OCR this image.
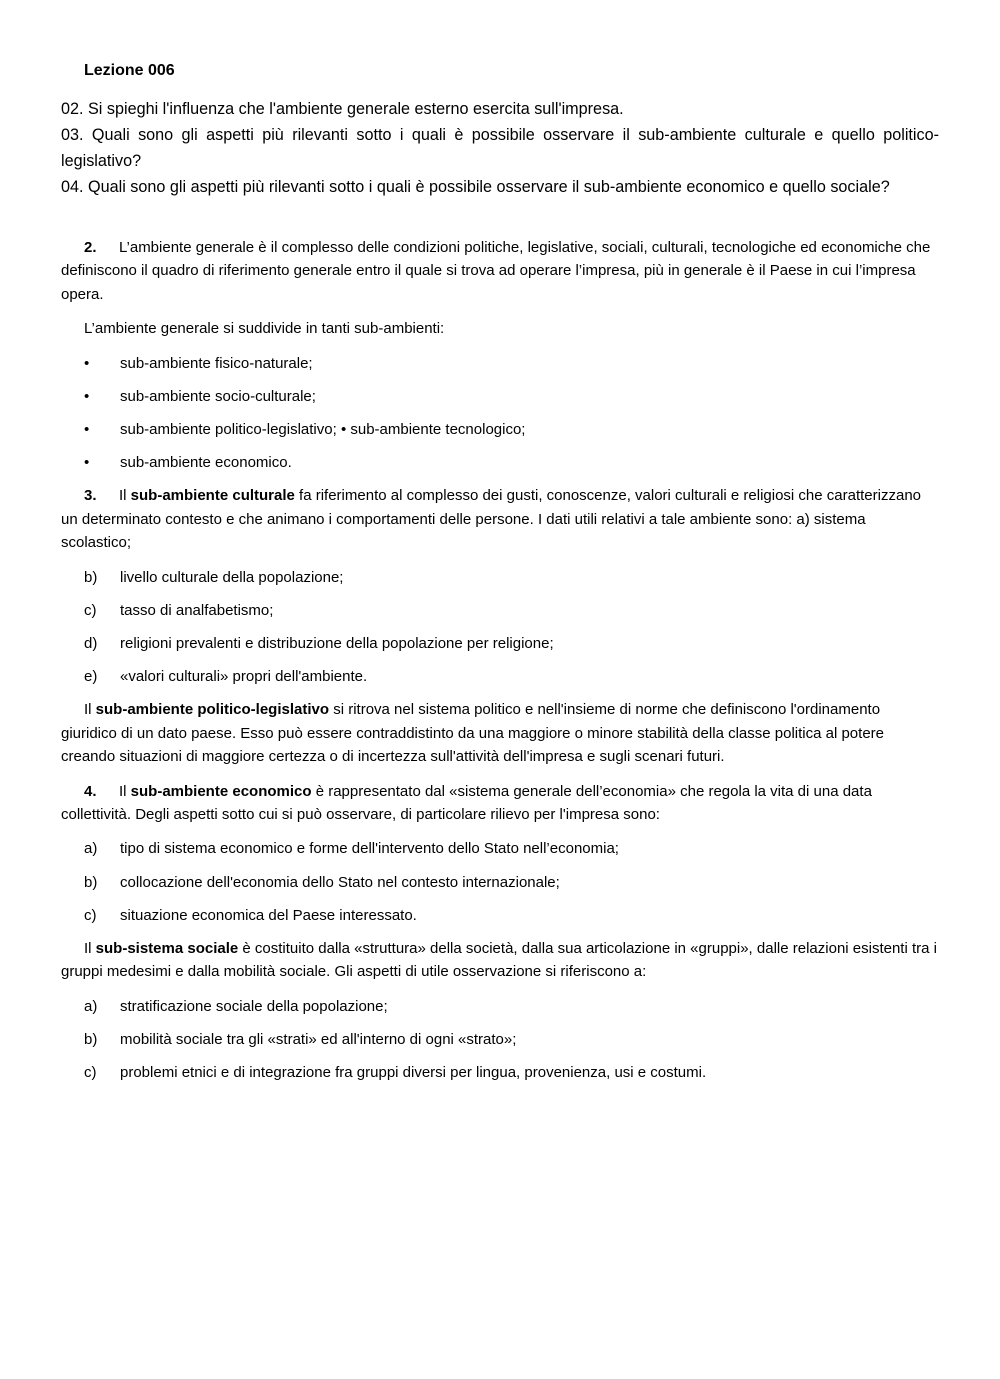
Lezione 006

02. Si spieghi l'influenza che l'ambiente generale esterno esercita sull'impresa.

03. Quali sono gli aspetti più rilevanti sotto i quali è possibile osservare il sub-ambiente culturale e quello politico-legislativo?

04. Quali sono gli aspetti più rilevanti sotto i quali è possibile osservare il sub-ambiente economico e quello sociale?

2. L’ambiente generale è il complesso delle condizioni politiche, legislative, sociali, culturali, tecnologiche ed economiche che definiscono il quadro di riferimento generale entro il quale si trova ad operare l’impresa, più in generale è il Paese in cui l’impresa opera.

L’ambiente generale si suddivide in tanti sub-ambienti:

• sub-ambiente fisico-naturale;
• sub-ambiente socio-culturale;
• sub-ambiente politico-legislativo; • sub-ambiente tecnologico;
• sub-ambiente economico.

3. Il sub-ambiente culturale fa riferimento al complesso dei gusti, conoscenze, valori culturali e religiosi che caratterizzano un determinato contesto e che animano i comportamenti delle persone. I dati utili relativi a tale ambiente sono: a) sistema scolastico;

b) livello culturale della popolazione;
c) tasso di analfabetismo;
d) religioni prevalenti e distribuzione della popolazione per religione;
e) «valori culturali» propri dell'ambiente.

Il sub-ambiente politico-legislativo si ritrova nel sistema politico e nell'insieme di norme che definiscono l'ordinamento giuridico di un dato paese. Esso può essere contraddistinto da una maggiore o minore stabilità della classe politica al potere creando situazioni di maggiore certezza o di incertezza sull'attività dell'impresa e sugli scenari futuri.

4. Il sub-ambiente economico è rappresentato dal «sistema generale dell’economia» che regola la vita di una data collettività. Degli aspetti sotto cui si può osservare, di particolare rilievo per l'impresa sono:

a) tipo di sistema economico e forme dell'intervento dello Stato nell’economia;
b) collocazione dell'economia dello Stato nel contesto internazionale;
c) situazione economica del Paese interessato.

Il sub-sistema sociale è costituito dalla «struttura» della società, dalla sua articolazione in «gruppi», dalle relazioni esistenti tra i gruppi medesimi e dalla mobilità sociale. Gli aspetti di utile osservazione si riferiscono a:

a) stratificazione sociale della popolazione;
b) mobilità sociale tra gli «strati» ed all'interno di ogni «strato»;
c) problemi etnici e di integrazione fra gruppi diversi per lingua, provenienza, usi e costumi.
